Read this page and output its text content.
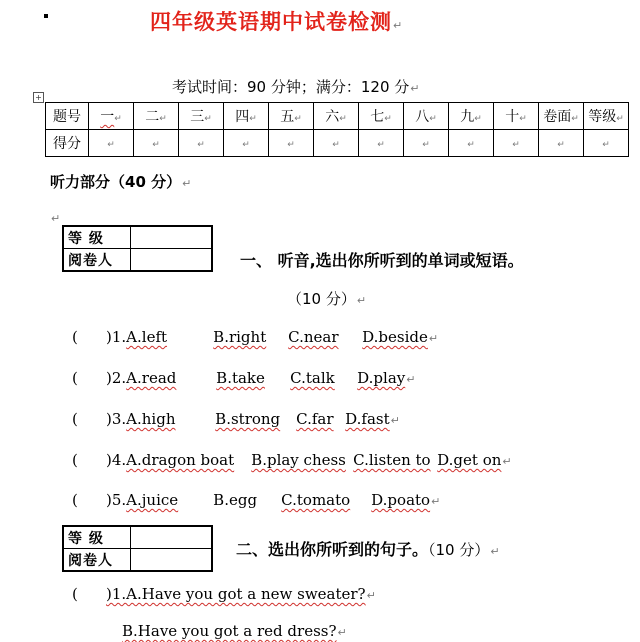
四年级英语期中试卷检测↵
考试时间：90 分钟；满分：120 分↵
+
题号	一↵	二↵	三↵	四↵	五↵	六↵	七↵	八↵	九↵	十↵	卷面↵	等级↵
得分	↵	↵	↵	↵	↵	↵	↵	↵	↵	↵	↵	↵
听力部分（40 分）↵
↵
等 级	
阅卷人		一、 听音,选出你所听到的单词或短语。
（10 分）↵
( )1.A.left	B.right C.near D.beside↵
( )2.A.read	B.take C.talk D.play↵
( )3.A.high	B.strong C.far D.fast↵
( )4.A.dragon boat B.play chess C.listen to D.get on↵
( )5.A.juice B.egg C.tomato D.poato↵
等 级	
阅卷人	
二、选出你所听到的句子。（10 分）↵
( )1.A.Have you got a new sweater?↵
B.Have you got a red dress?↵
